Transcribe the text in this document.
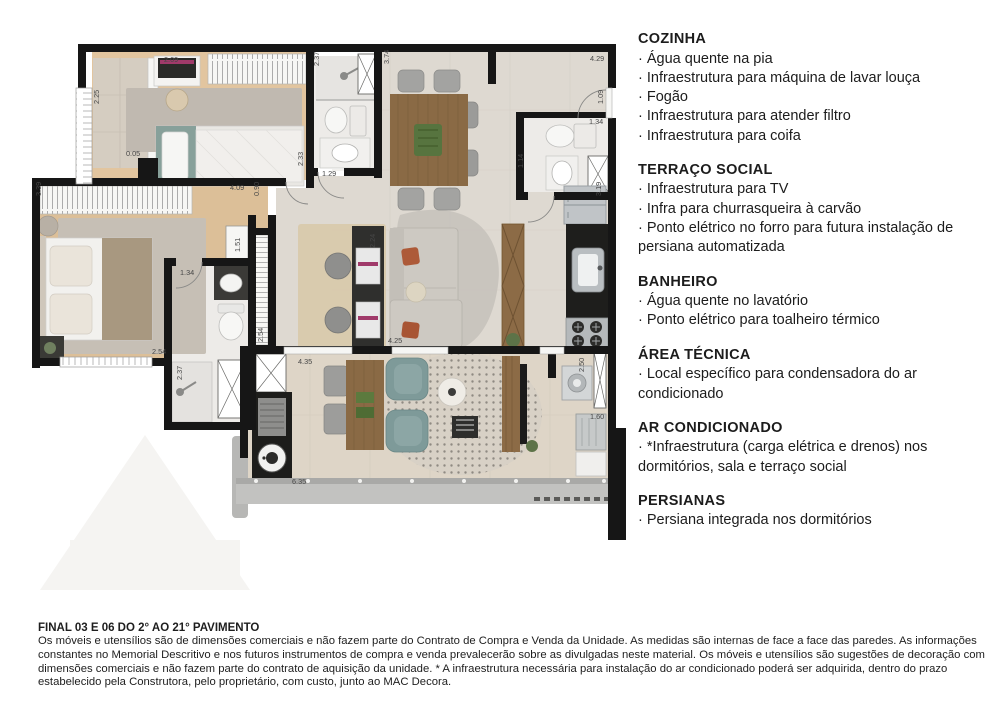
2.25
2.09
0.05
2.37	3.74	4.29
1.09
1.34
1.14
3.19
2.33
1.29
4.09 0.90
3.39
1.51
1.34
2.54
2.54
2.37
4.35
4.25
2.24
6.35
2.50
1.60
COZINHA

· Água quente na pia

· Infraestrutura para máquina de lavar louça

· Fogão

· Infraestrutura para atender filtro

· Infraestrutura para coifa

TERRAÇO SOCIAL

· Infraestrutura para TV

· Infra para churrasqueira à carvão

· Ponto elétrico no forro para futura instalação de persiana automatizada

BANHEIRO

· Água quente no lavatório

· Ponto elétrico para toalheiro térmico

ÁREA TÉCNICA

· Local específico para condensadora do ar condicionado

AR CONDICIONADO

· *Infraestrutura (carga elétrica e drenos) nos dormitórios, sala e terraço social

PERSIANAS

· Persiana integrada nos dormitórios

FINAL 03 E 06 DO 2° AO 21° PAVIMENTO

Os móveis e utensílios são de dimensões comerciais e não fazem parte do Contrato de Compra e Venda da Unidade. As medidas são internas de face a face das paredes. As informações constantes no Memorial Descritivo e nos futuros instrumentos de compra e venda prevalecerão sobre as divulgadas neste material. Os móveis e utensílios são sugestões de decoração com dimensões comerciais e não fazem parte do contrato de aquisição da unidade. * A infraestrutura necessária para instalação do ar condicionado poderá ser adquirida, dentro do prazo estabelecido pela Construtora, pelo proprietário, com custo, junto ao MAC Decora.
